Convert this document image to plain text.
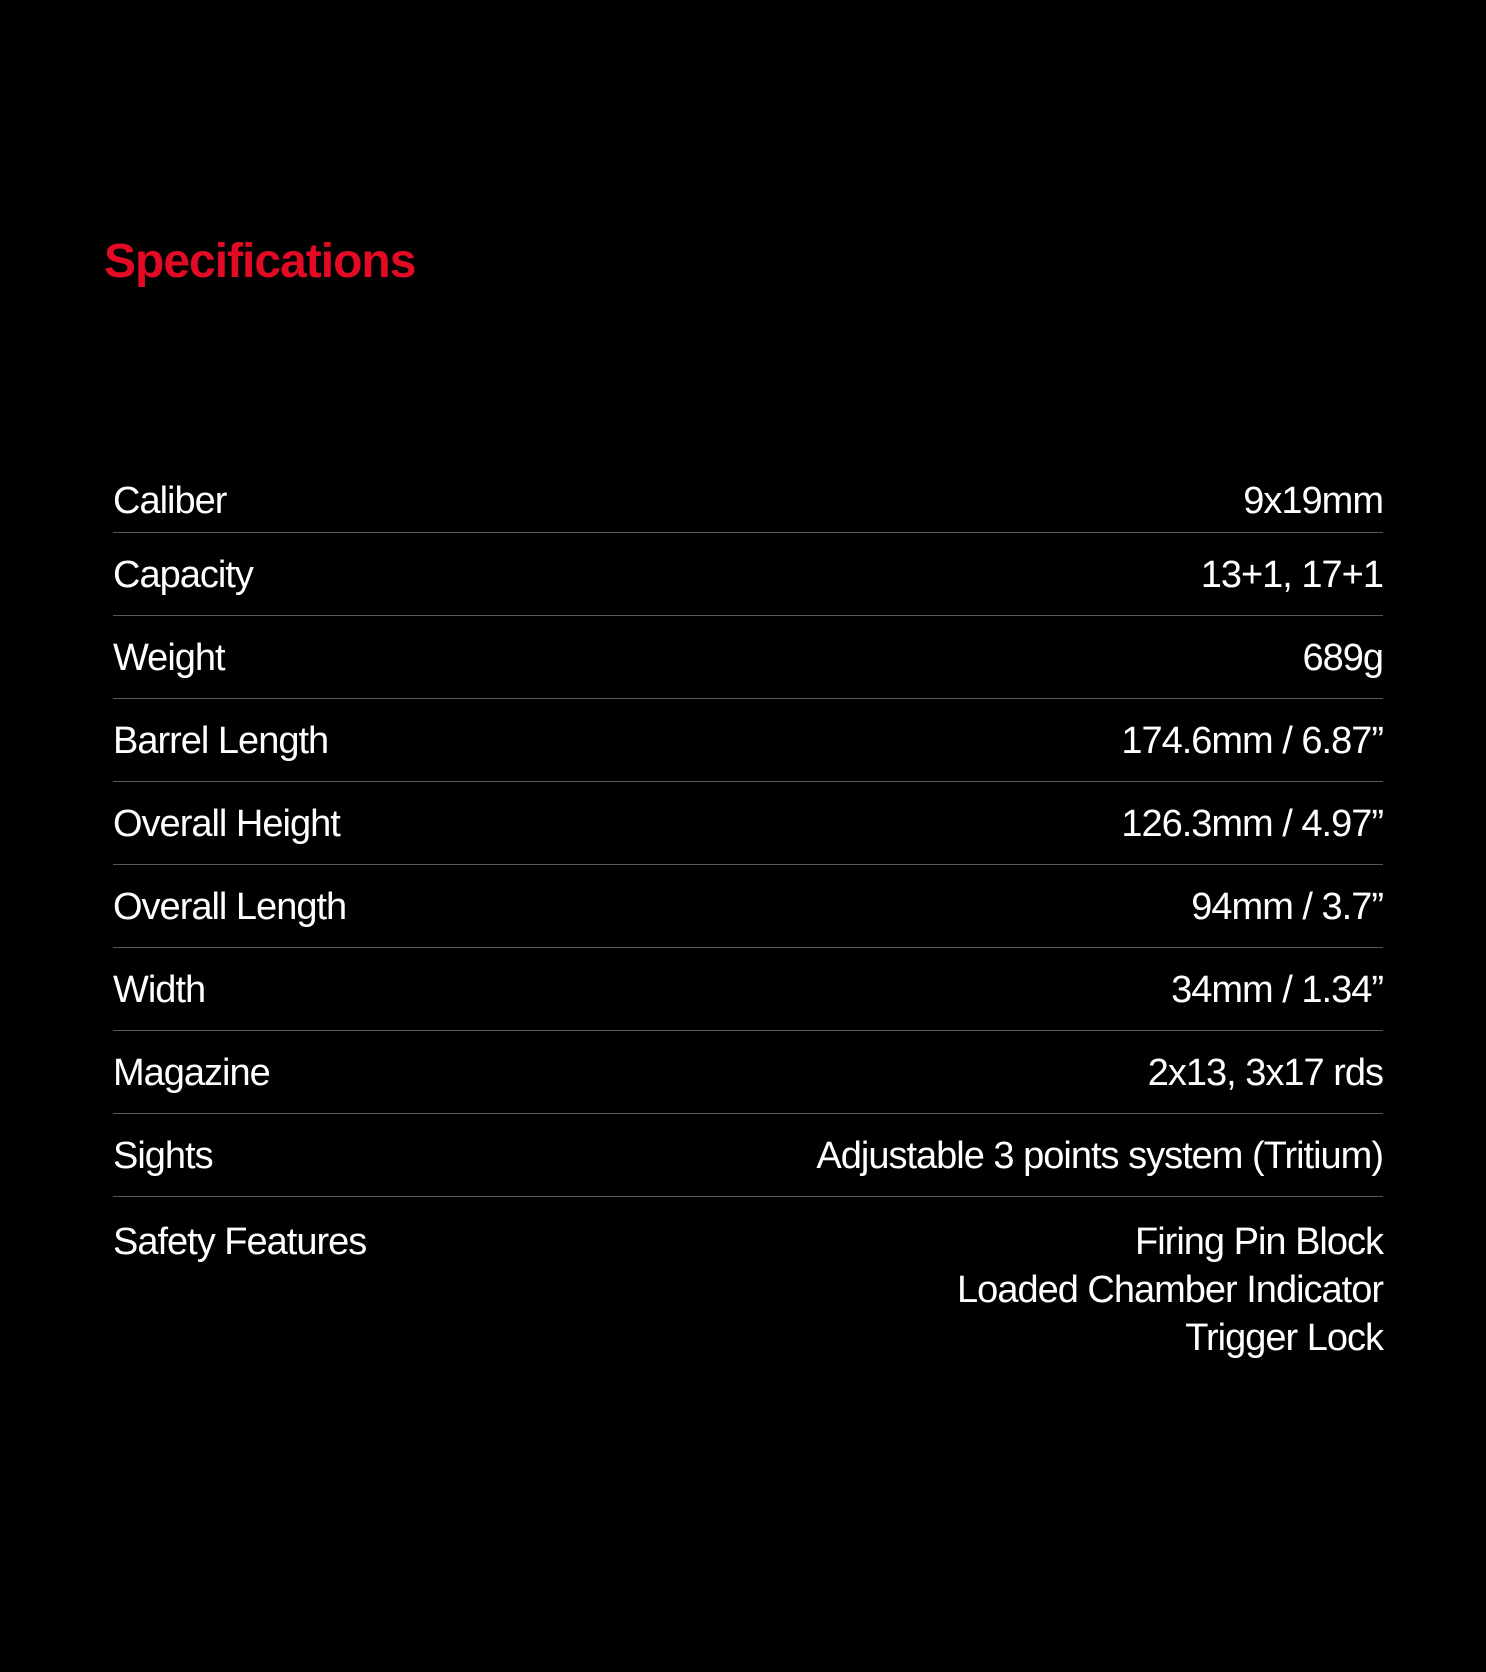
Specifications
Caliber	9x19mm
Capacity	13+1, 17+1
Weight	689g
Barrel Length	174.6mm / 6.87”
Overall Height	126.3mm / 4.97”
Overall Length	94mm / 3.7”
Width	34mm / 1.34”
Magazine	2x13, 3x17 rds
Sights	Adjustable 3 points system (Tritium)
Safety Features	Firing Pin Block
Loaded Chamber Indicator
Trigger Lock
